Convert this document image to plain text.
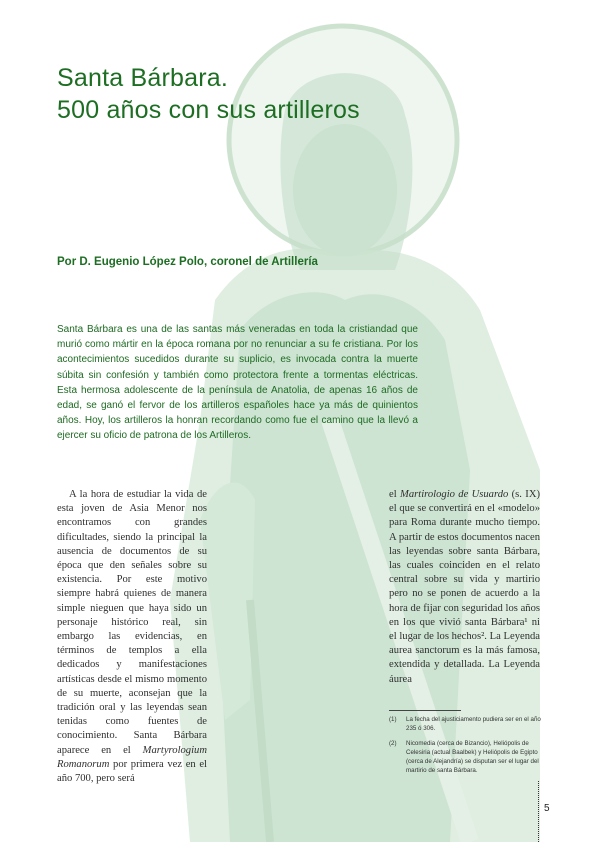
Santa Bárbara.
500 años con sus artilleros
Por D. Eugenio López Polo, coronel de Artillería
Santa Bárbara es una de las santas más veneradas en toda la cristiandad que murió como mártir en la época romana por no renunciar a su fe cristiana. Por los acontecimientos sucedidos durante su suplicio, es invocada contra la muerte súbita sin confesión y también como protectora frente a tormentas eléctricas. Esta hermosa adolescente de la península de Anatolia, de apenas 16 años de edad, se ganó el fervor de los artilleros españoles hace ya más de quinientos años. Hoy, los artilleros la honran recordando como fue el camino que la llevó a ejercer su oficio de patrona de los Artilleros.
A la hora de estudiar la vida de esta joven de Asia Menor nos encontramos con grandes dificultades, siendo la principal la ausencia de documentos de su época que den señales sobre su existencia. Por este motivo siempre habrá quienes de manera simple nieguen que haya sido un personaje histórico real, sin embargo las evidencias, en términos de templos a ella dedicados y manifestaciones artísticas desde el mismo momento de su muerte, aconsejan que la tradición oral y las leyendas sean tenidas como fuentes de conocimiento. Santa Bárbara aparece en el Martyrologium Romanorum por primera vez en el año 700, pero será
el Martirologio de Usuardo (s. IX) el que se convertirá en el «modelo» para Roma durante mucho tiempo. A partir de estos documentos nacen las leyendas sobre santa Bárbara, las cuales coinciden en el relato central sobre su vida y martirio pero no se ponen de acuerdo a la hora de fijar con seguridad los años en los que vivió santa Bárbara¹ ni el lugar de los hechos². La Leyenda aurea sanctorum es la más famosa, extendida y detallada. La Leyenda áurea
(1)	La fecha del ajusticiamento pudiera ser en el año 235 ó 306.
(2)	Nicomedia (cerca de Bizancio), Heliópolis de Celesiria (actual Baalbek) y Heliópolis de Egipto (cerca de Alejandría) se disputan ser el lugar del martirio de santa Bárbara.
5
